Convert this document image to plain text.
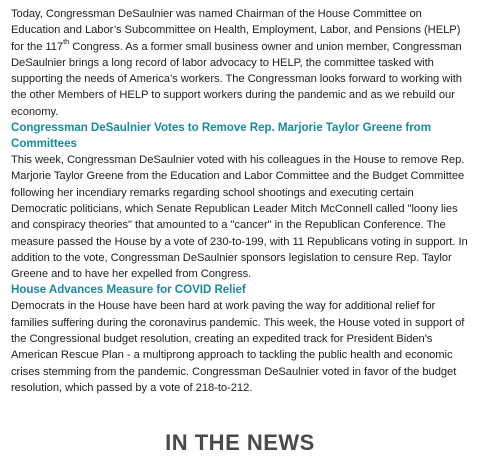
Today, Congressman DeSaulnier was named Chairman of the House Committee on Education and Labor’s Subcommittee on Health, Employment, Labor, and Pensions (HELP) for the 117th Congress. As a former small business owner and union member, Congressman DeSaulnier brings a long record of labor advocacy to HELP, the committee tasked with supporting the needs of America’s workers. The Congressman looks forward to working with the other Members of HELP to support workers during the pandemic and as we rebuild our economy.

Congressman DeSaulnier Votes to Remove Rep. Marjorie Taylor Greene from Committees

This week, Congressman DeSaulnier voted with his colleagues in the House to remove Rep. Marjorie Taylor Greene from the Education and Labor Committee and the Budget Committee following her incendiary remarks regarding school shootings and executing certain Democratic politicians, which Senate Republican Leader Mitch McConnell called "loony lies and conspiracy theories" that amounted to a "cancer" in the Republican Conference. The measure passed the House by a vote of 230-to-199, with 11 Republicans voting in support. In addition to the vote, Congressman DeSaulnier sponsors legislation to censure Rep. Taylor Greene and to have her expelled from Congress.

House Advances Measure for COVID Relief

Democrats in the House have been hard at work paving the way for additional relief for families suffering during the coronavirus pandemic. This week, the House voted in support of the Congressional budget resolution, creating an expedited track for President Biden's American Rescue Plan - a multiprong approach to tackling the public health and economic crises stemming from the pandemic. Congressman DeSaulnier voted in favor of the budget resolution, which passed by a vote of 218-to-212.

IN THE NEWS
